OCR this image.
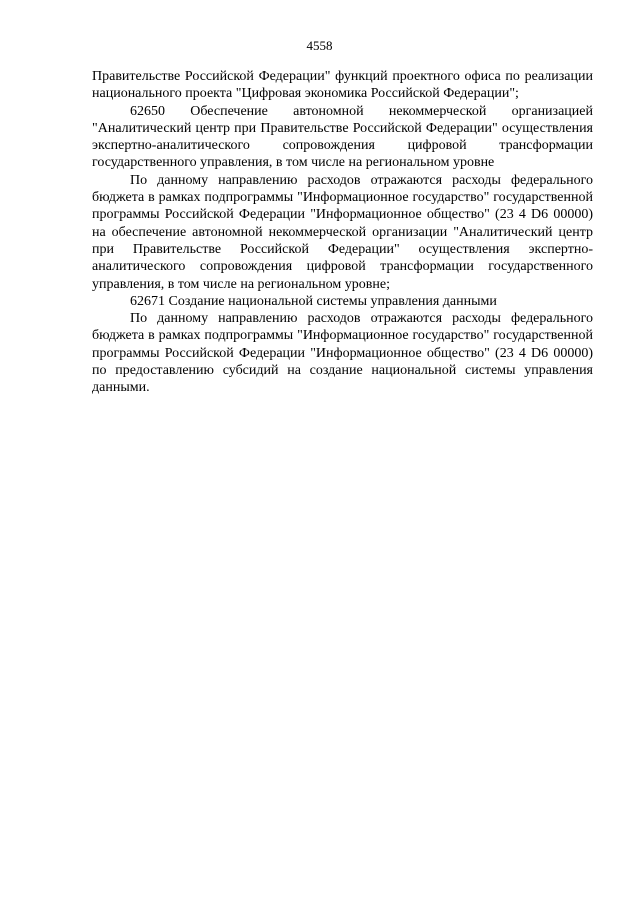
4558

Правительстве Российской Федерации" функций проектного офиса по реализации национального проекта "Цифровая экономика Российской Федерации";

62650 Обеспечение автономной некоммерческой организацией "Аналитический центр при Правительстве Российской Федерации" осуществления экспертно-аналитического сопровождения цифровой трансформации государственного управления, в том числе на региональном уровне

По данному направлению расходов отражаются расходы федерального бюджета в рамках подпрограммы "Информационное государство" государственной программы Российской Федерации "Информационное общество" (23 4 D6 00000) на обеспечение автономной некоммерческой организации "Аналитический центр при Правительстве Российской Федерации" осуществления экспертно-аналитического сопровождения цифровой трансформации государственного управления, в том числе на региональном уровне;

62671 Создание национальной системы управления данными

По данному направлению расходов отражаются расходы федерального бюджета в рамках подпрограммы "Информационное государство" государственной программы Российской Федерации "Информационное общество" (23 4 D6 00000) по предоставлению субсидий на создание национальной системы управления данными.
